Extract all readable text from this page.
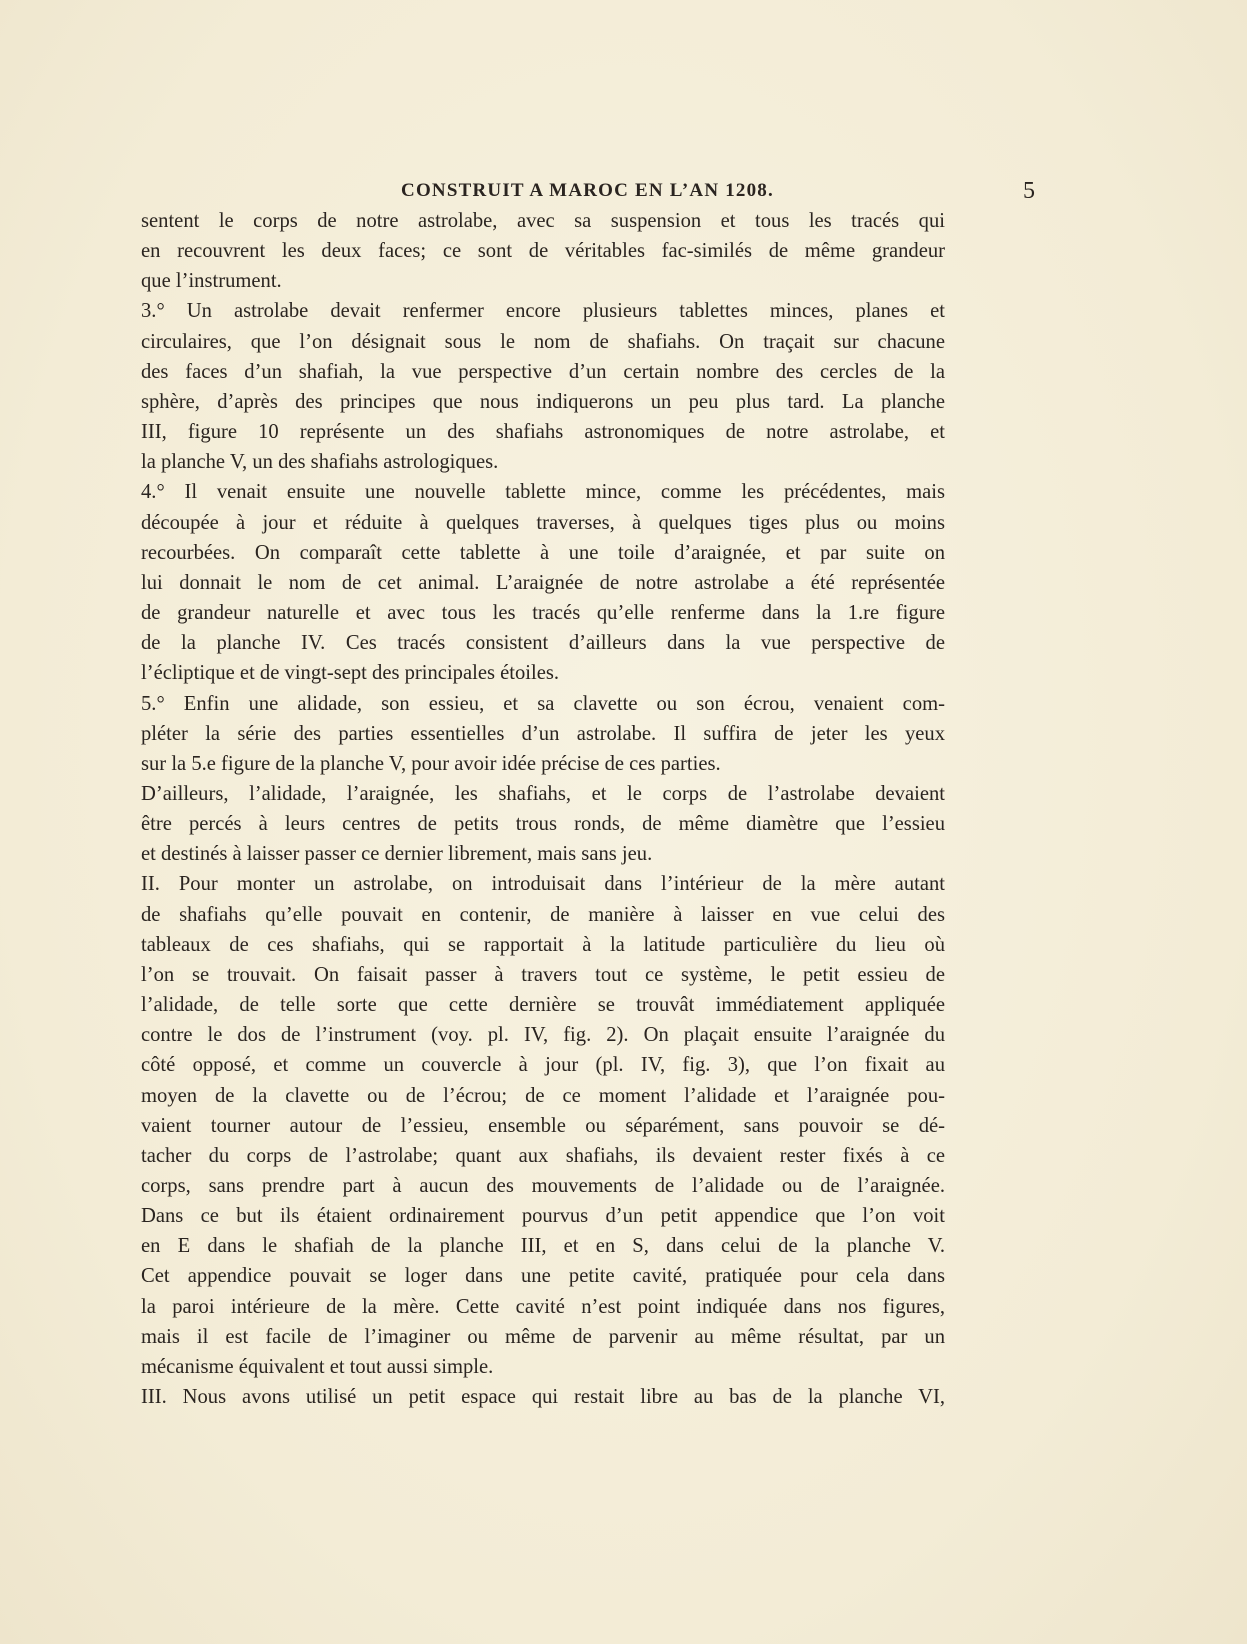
CONSTRUIT A MAROC EN L’AN 1208.	5
sentent le corps de notre astrolabe, avec sa suspension et tous les tracés qui
en recouvrent les deux faces; ce sont de véritables fac-similés de même grandeur
que l’instrument.
3.° Un astrolabe devait renfermer encore plusieurs tablettes minces, planes et
circulaires, que l’on désignait sous le nom de shafiahs. On traçait sur chacune
des faces d’un shafiah, la vue perspective d’un certain nombre des cercles de la
sphère, d’après des principes que nous indiquerons un peu plus tard. La planche
III, figure 10 représente un des shafiahs astronomiques de notre astrolabe, et
la planche V, un des shafiahs astrologiques.
4.° Il venait ensuite une nouvelle tablette mince, comme les précédentes, mais
découpée à jour et réduite à quelques traverses, à quelques tiges plus ou moins
recourbées. On comparaît cette tablette à une toile d’araignée, et par suite on
lui donnait le nom de cet animal. L’araignée de notre astrolabe a été représentée
de grandeur naturelle et avec tous les tracés qu’elle renferme dans la 1.re figure
de la planche IV. Ces tracés consistent d’ailleurs dans la vue perspective de
l’écliptique et de vingt-sept des principales étoiles.
5.° Enfin une alidade, son essieu, et sa clavette ou son écrou, venaient com-
pléter la série des parties essentielles d’un astrolabe. Il suffira de jeter les yeux
sur la 5.e figure de la planche V, pour avoir idée précise de ces parties.
D’ailleurs, l’alidade, l’araignée, les shafiahs, et le corps de l’astrolabe devaient
être percés à leurs centres de petits trous ronds, de même diamètre que l’essieu
et destinés à laisser passer ce dernier librement, mais sans jeu.
II. Pour monter un astrolabe, on introduisait dans l’intérieur de la mère autant
de shafiahs qu’elle pouvait en contenir, de manière à laisser en vue celui des
tableaux de ces shafiahs, qui se rapportait à la latitude particulière du lieu où
l’on se trouvait. On faisait passer à travers tout ce système, le petit essieu de
l’alidade, de telle sorte que cette dernière se trouvât immédiatement appliquée
contre le dos de l’instrument (voy. pl. IV, fig. 2). On plaçait ensuite l’araignée du
côté opposé, et comme un couvercle à jour (pl. IV, fig. 3), que l’on fixait au
moyen de la clavette ou de l’écrou; de ce moment l’alidade et l’araignée pou-
vaient tourner autour de l’essieu, ensemble ou séparément, sans pouvoir se dé-
tacher du corps de l’astrolabe; quant aux shafiahs, ils devaient rester fixés à ce
corps, sans prendre part à aucun des mouvements de l’alidade ou de l’araignée.
Dans ce but ils étaient ordinairement pourvus d’un petit appendice que l’on voit
en E dans le shafiah de la planche III, et en S, dans celui de la planche V.
Cet appendice pouvait se loger dans une petite cavité, pratiquée pour cela dans
la paroi intérieure de la mère. Cette cavité n’est point indiquée dans nos figures,
mais il est facile de l’imaginer ou même de parvenir au même résultat, par un
mécanisme équivalent et tout aussi simple.
III. Nous avons utilisé un petit espace qui restait libre au bas de la planche VI,
